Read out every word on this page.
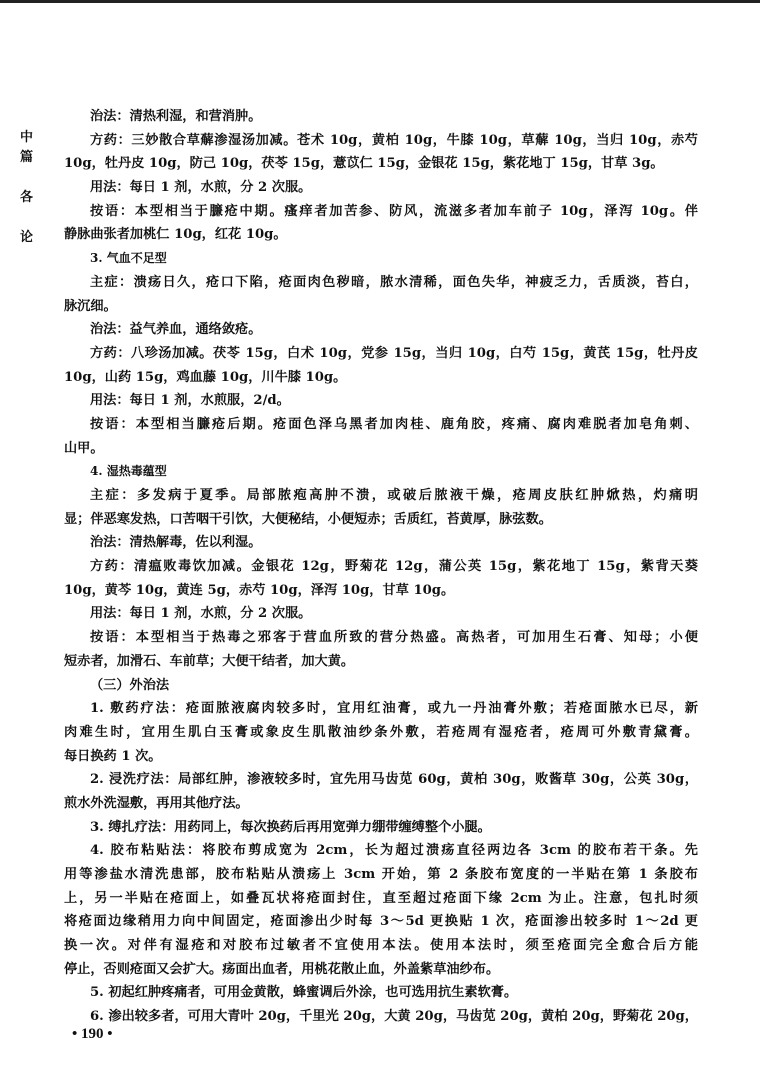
中
篇
各
论
治法：清热利湿，和营消肿。
方药：三妙散合草薢渗湿汤加减。苍术 10g，黄柏 10g，牛膝 10g，草薢 10g，当归 10g，赤芍
10g，牡丹皮 10g，防己 10g，茯苓 15g，薏苡仁 15g，金银花 15g，紫花地丁 15g，甘草 3g。
用法：每日 1 剂，水煎，分 2 次服。
按语：本型相当于臁疮中期。瘙痒者加苦参、防风，流滋多者加车前子 10g，泽泻 10g。伴
静脉曲张者加桃仁 10g，红花 10g。
3. 气血不足型
主症：溃疡日久，疮口下陷，疮面肉色秽暗，脓水清稀，面色失华，神疲乏力，舌质淡，苔白，
脉沉细。
治法：益气养血，通络敛疮。
方药：八珍汤加减。茯苓 15g，白术 10g，党参 15g，当归 10g，白芍 15g，黄芪 15g，牡丹皮
10g，山药 15g，鸡血藤 10g，川牛膝 10g。
用法：每日 1 剂，水煎服，2/d。
按语：本型相当臁疮后期。疮面色泽乌黑者加肉桂、鹿角胶，疼痛、腐肉难脱者加皂角刺、
山甲。
4. 湿热毒蕴型
主症：多发病于夏季。局部脓疱高肿不溃，或破后脓液干燥，疮周皮肤红肿焮热，灼痛明
显；伴恶寒发热，口苦咽干引饮，大便秘结，小便短赤；舌质红，苔黄厚，脉弦数。
治法：清热解毒，佐以利湿。
方药：清瘟败毒饮加减。金银花 12g，野菊花 12g，蒲公英 15g，紫花地丁 15g，紫背天葵
10g，黄芩 10g，黄连 5g，赤芍 10g，泽泻 10g，甘草 10g。
用法：每日 1 剂，水煎，分 2 次服。
按语：本型相当于热毒之邪客于营血所致的营分热盛。高热者，可加用生石膏、知母；小便
短赤者，加滑石、车前草；大便干结者，加大黄。
（三）外治法
1. 敷药疗法：疮面脓液腐肉较多时，宜用红油膏，或九一丹油膏外敷；若疮面脓水已尽，新
肉难生时，宜用生肌白玉膏或象皮生肌散油纱条外敷，若疮周有湿疮者，疮周可外敷青黛膏。
每日换药 1 次。
2. 浸洗疗法：局部红肿，渗液较多时，宜先用马齿苋 60g，黄柏 30g，败酱草 30g，公英 30g，
煎水外洗湿敷，再用其他疗法。
3. 缚扎疗法：用药同上，每次换药后再用宽弹力绷带缠缚整个小腿。
4. 胶布粘贴法：将胶布剪成宽为 2cm，长为超过溃疡直径两边各 3cm 的胶布若干条。先
用等渗盐水清洗患部，胶布粘贴从溃疡上 3cm 开始，第 2 条胶布宽度的一半贴在第 1 条胶布
上，另一半贴在疮面上，如叠瓦状将疮面封住，直至超过疮面下缘 2cm 为止。注意，包扎时须
将疮面边缘稍用力向中间固定，疮面渗出少时每 3～5d 更换贴 1 次，疮面渗出较多时 1～2d 更
换一次。对伴有湿疮和对胶布过敏者不宜使用本法。使用本法时，须至疮面完全愈合后方能
停止，否则疮面又会扩大。疡面出血者，用桃花散止血，外盖紫草油纱布。
5. 初起红肿疼痛者，可用金黄散，蜂蜜调后外涂，也可选用抗生素软膏。
6. 渗出较多者，可用大青叶 20g，千里光 20g，大黄 20g，马齿苋 20g，黄柏 20g，野菊花 20g，
• 190 •
